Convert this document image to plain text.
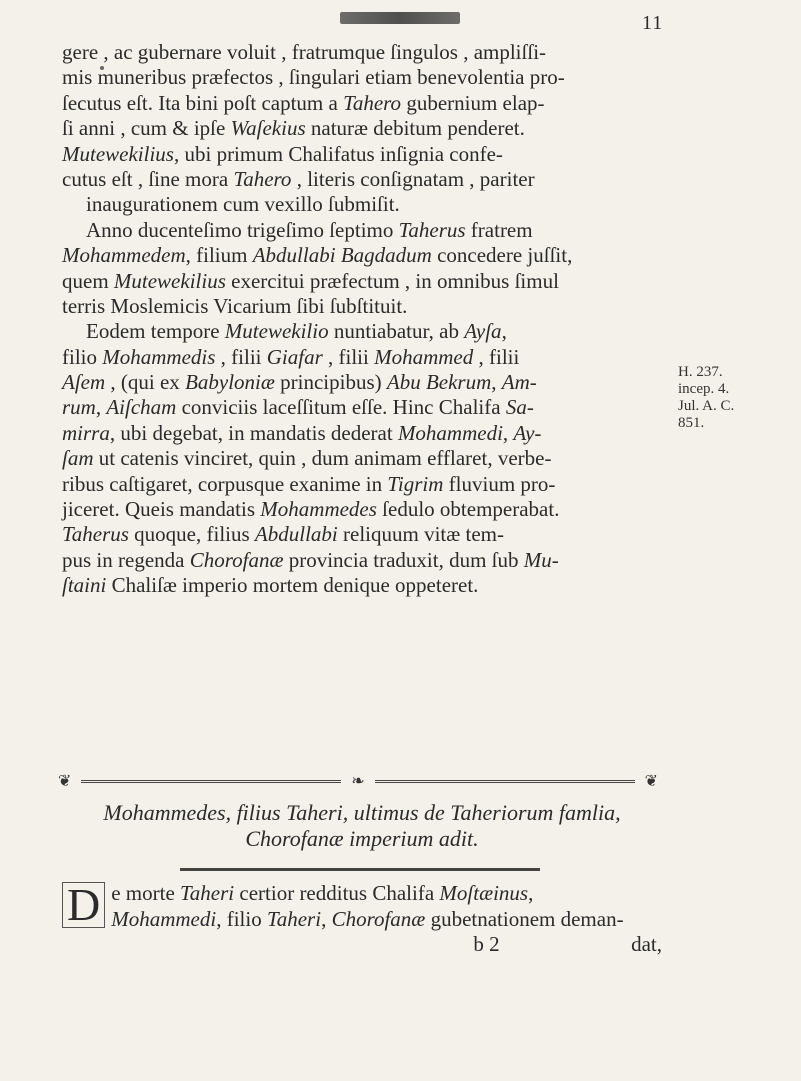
11
gere , ac gubernare voluit , fratrumque ſingulos , ampliſſi-
mis muneribus præfectos , ſingulari etiam benevolentia pro-
ſecutus eſt. Ita bini poſt captum a Tahero gubernium elap-
ſi anni , cum & ipſe Waſekius naturæ debitum penderet.
Mutewekilius, ubi primum Chalifatus inſignia confe-
cutus eſt , ſine mora Tahero , literis conſignatam , pariter
inaugurationem cum vexillo ſubmiſit.
Anno ducenteſimo trigeſimo ſeptimo Taherus fratrem
Mohammedem, filium Abdullabi Bagdadum concedere juſſit,
quem Mutewekilius exercitui præfectum , in omnibus ſimul
terris Moslemicis Vicarium ſibi ſubſtituit.
Eodem tempore Mutewekilio nuntiabatur, ab Ayſa,
filio Mohammedis , filii Giafar , filii Mohammed , filii
Aſem , (qui ex Babyloniæ principibus) Abu Bekrum, Am-
rum, Aiſcham conviciis laceſſitum eſſe. Hinc Chalifa Sa-
mirra, ubi degebat, in mandatis dederat Mohammedi, Ay-
ſam ut catenis vinciret, quin , dum animam efflaret, verbe-
ribus caſtigaret, corpusque exanime in Tigrim fluvium pro-
jiceret. Queis mandatis Mohammedes ſedulo obtemperabat.
Taherus quoque, filius Abdullabi reliquum vitæ tem-
pus in regenda Chorofanæ provincia traduxit, dum ſub Mu-
ſtaini Chaliſæ imperio mortem denique oppeteret.
H. 237.
incep. 4.
Jul. A. C.
851.
❦	❧	❦
Mohammedes, filius Taheri, ultimus de Taheriorum famlia,
Chorofanæ imperium adit.
D e morte Taheri certior redditus Chalifa Moſtæinus,
Mohammedi, filio Taheri, Chorofanæ gubetnationem deman-
b 2	dat,
